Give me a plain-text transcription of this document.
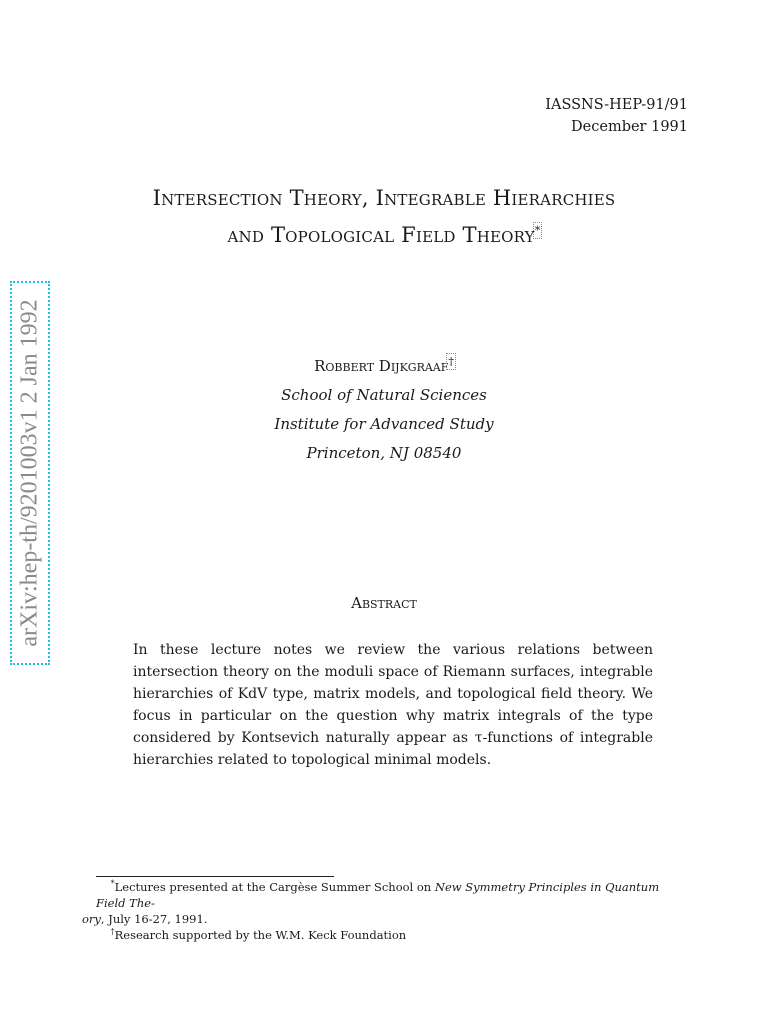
IASSNS-HEP-91/91
December 1991
Intersection Theory, Integrable Hierarchies
and Topological Field Theory*
arXiv:hep-th/9201003v1 2 Jan 1992	Robbert Dijkgraaf†
School of Natural Sciences
Institute for Advanced Study
Princeton, NJ 08540
Abstract
In these lecture notes we review the various relations between intersection theory on the moduli space of Riemann surfaces, integrable hierarchies of KdV type, matrix models, and topological field theory. We focus in particular on the question why matrix integrals of the type considered by Kontsevich naturally appear as τ-functions of integrable hierarchies related to topological minimal models.
*Lectures presented at the Cargèse Summer School on New Symmetry Principles in Quantum Field The-
ory, July 16-27, 1991.
†Research supported by the W.M. Keck Foundation
